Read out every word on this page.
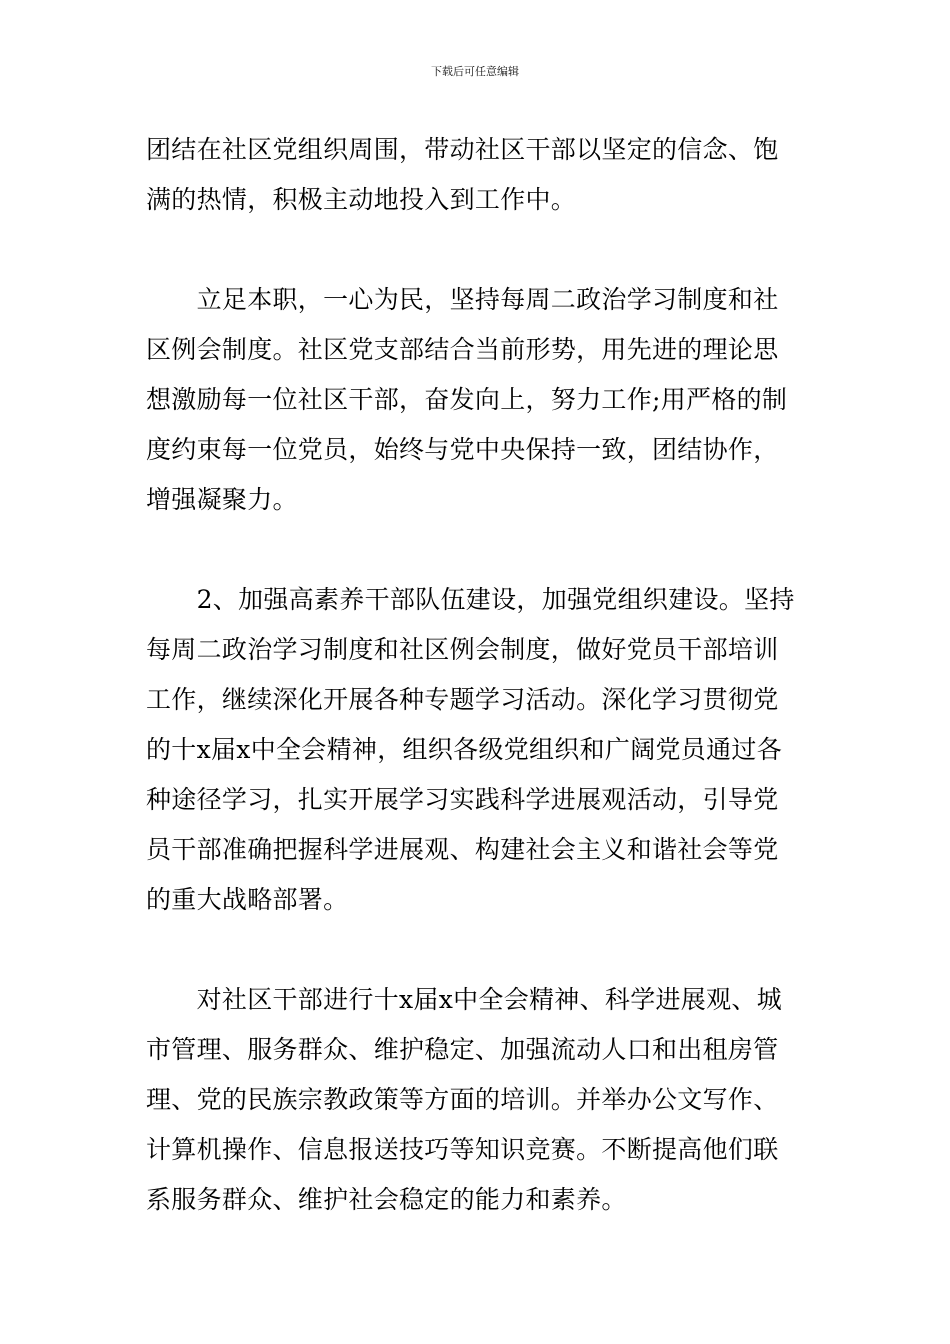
下载后可任意编辑
团结在社区党组织周围，带动社区干部以坚定的信念、饱
满的热情，积极主动地投入到工作中。
　　立足本职，一心为民，坚持每周二政治学习制度和社
区例会制度。社区党支部结合当前形势，用先进的理论思
想激励每一位社区干部，奋发向上，努力工作;用严格的制
度约束每一位党员，始终与党中央保持一致，团结协作，
增强凝聚力。
　　2、加强高素养干部队伍建设，加强党组织建设。坚持
每周二政治学习制度和社区例会制度，做好党员干部培训
工作，继续深化开展各种专题学习活动。深化学习贯彻党
的十x届x中全会精神，组织各级党组织和广阔党员通过各
种途径学习，扎实开展学习实践科学进展观活动，引导党
员干部准确把握科学进展观、构建社会主义和谐社会等党
的重大战略部署。
　　对社区干部进行十x届x中全会精神、科学进展观、城
市管理、服务群众、维护稳定、加强流动人口和出租房管
理、党的民族宗教政策等方面的培训。并举办公文写作、
计算机操作、信息报送技巧等知识竞赛。不断提高他们联
系服务群众、维护社会稳定的能力和素养。
